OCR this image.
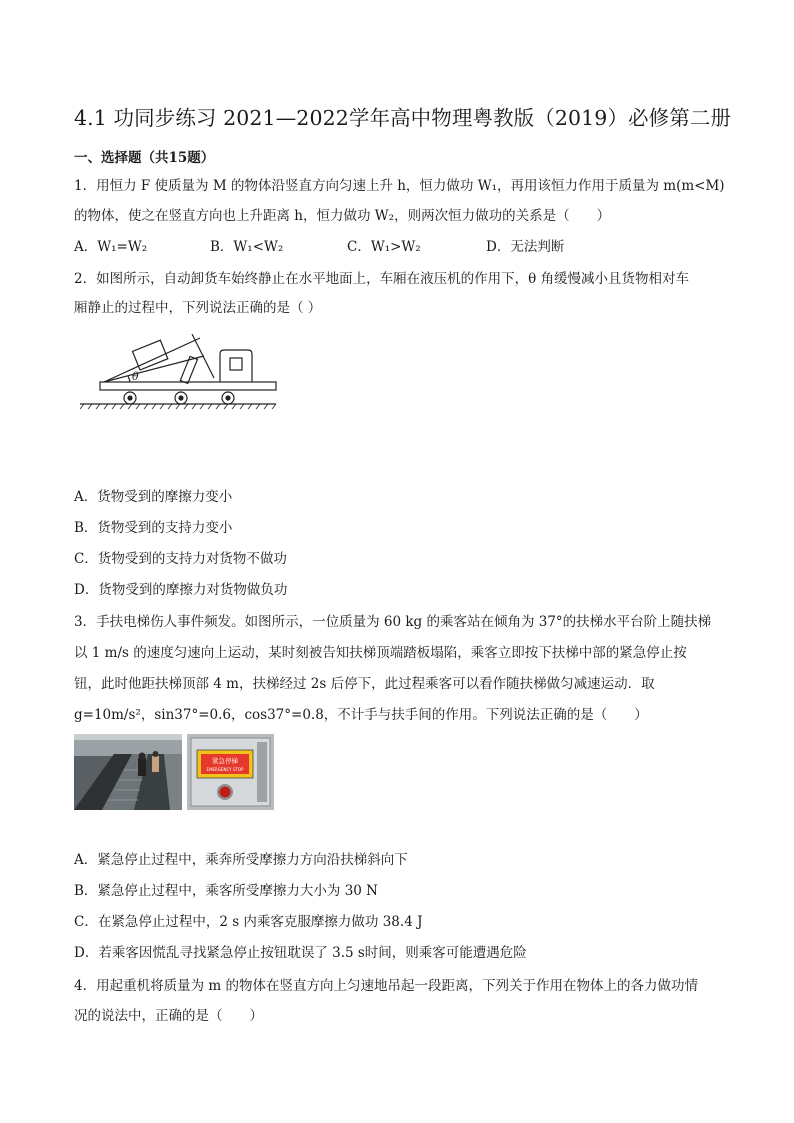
4.1 功同步练习 2021—2022学年高中物理粤教版（2019）必修第二册
一、选择题（共15题）
1．用恒力 F 使质量为 M 的物体沿竖直方向匀速上升 h，恒力做功 W₁，再用该恒力作用于质量为 m(m<M)
的物体，使之在竖直方向也上升距离 h，恒力做功 W₂，则两次恒力做功的关系是（　　）
A．W₁=W₂	B．W₁<W₂	C．W₁>W₂	D．无法判断
2．如图所示，自动卸货车始终静止在水平地面上，车厢在液压机的作用下，θ 角缓慢减小且货物相对车
厢静止的过程中，下列说法正确的是（ ）
θ
A．货物受到的摩擦力变小
B．货物受到的支持力变小
C．货物受到的支持力对货物不做功
D．货物受到的摩擦力对货物做负功
3．手扶电梯伤人事件频发。如图所示，一位质量为 60 kg 的乘客站在倾角为 37°的扶梯水平台阶上随扶梯
以 1 m/s 的速度匀速向上运动，某时刻被告知扶梯顶端踏板塌陷，乘客立即按下扶梯中部的紧急停止按
钮，此时他距扶梯顶部 4 m，扶梯经过 2s 后停下，此过程乘客可以看作随扶梯做匀减速运动．取
g=10m/s²，sin37°=0.6，cos37°=0.8，不计手与扶手间的作用。下列说法正确的是（　　）
紧急停梯
EMERGENCY STOP
A．紧急停止过程中，乘奔所受摩擦力方向沿扶梯斜向下
B．紧急停止过程中，乘客所受摩擦力大小为 30 N
C．在紧急停止过程中，2 s 内乘客克服摩擦力做功 38.4 J
D．若乘客因慌乱寻找紧急停止按钮耽误了 3.5 s时间，则乘客可能遭遇危险
4．用起重机将质量为 m 的物体在竖直方向上匀速地吊起一段距离，下列关于作用在物体上的各力做功情
况的说法中，正确的是（　　）
